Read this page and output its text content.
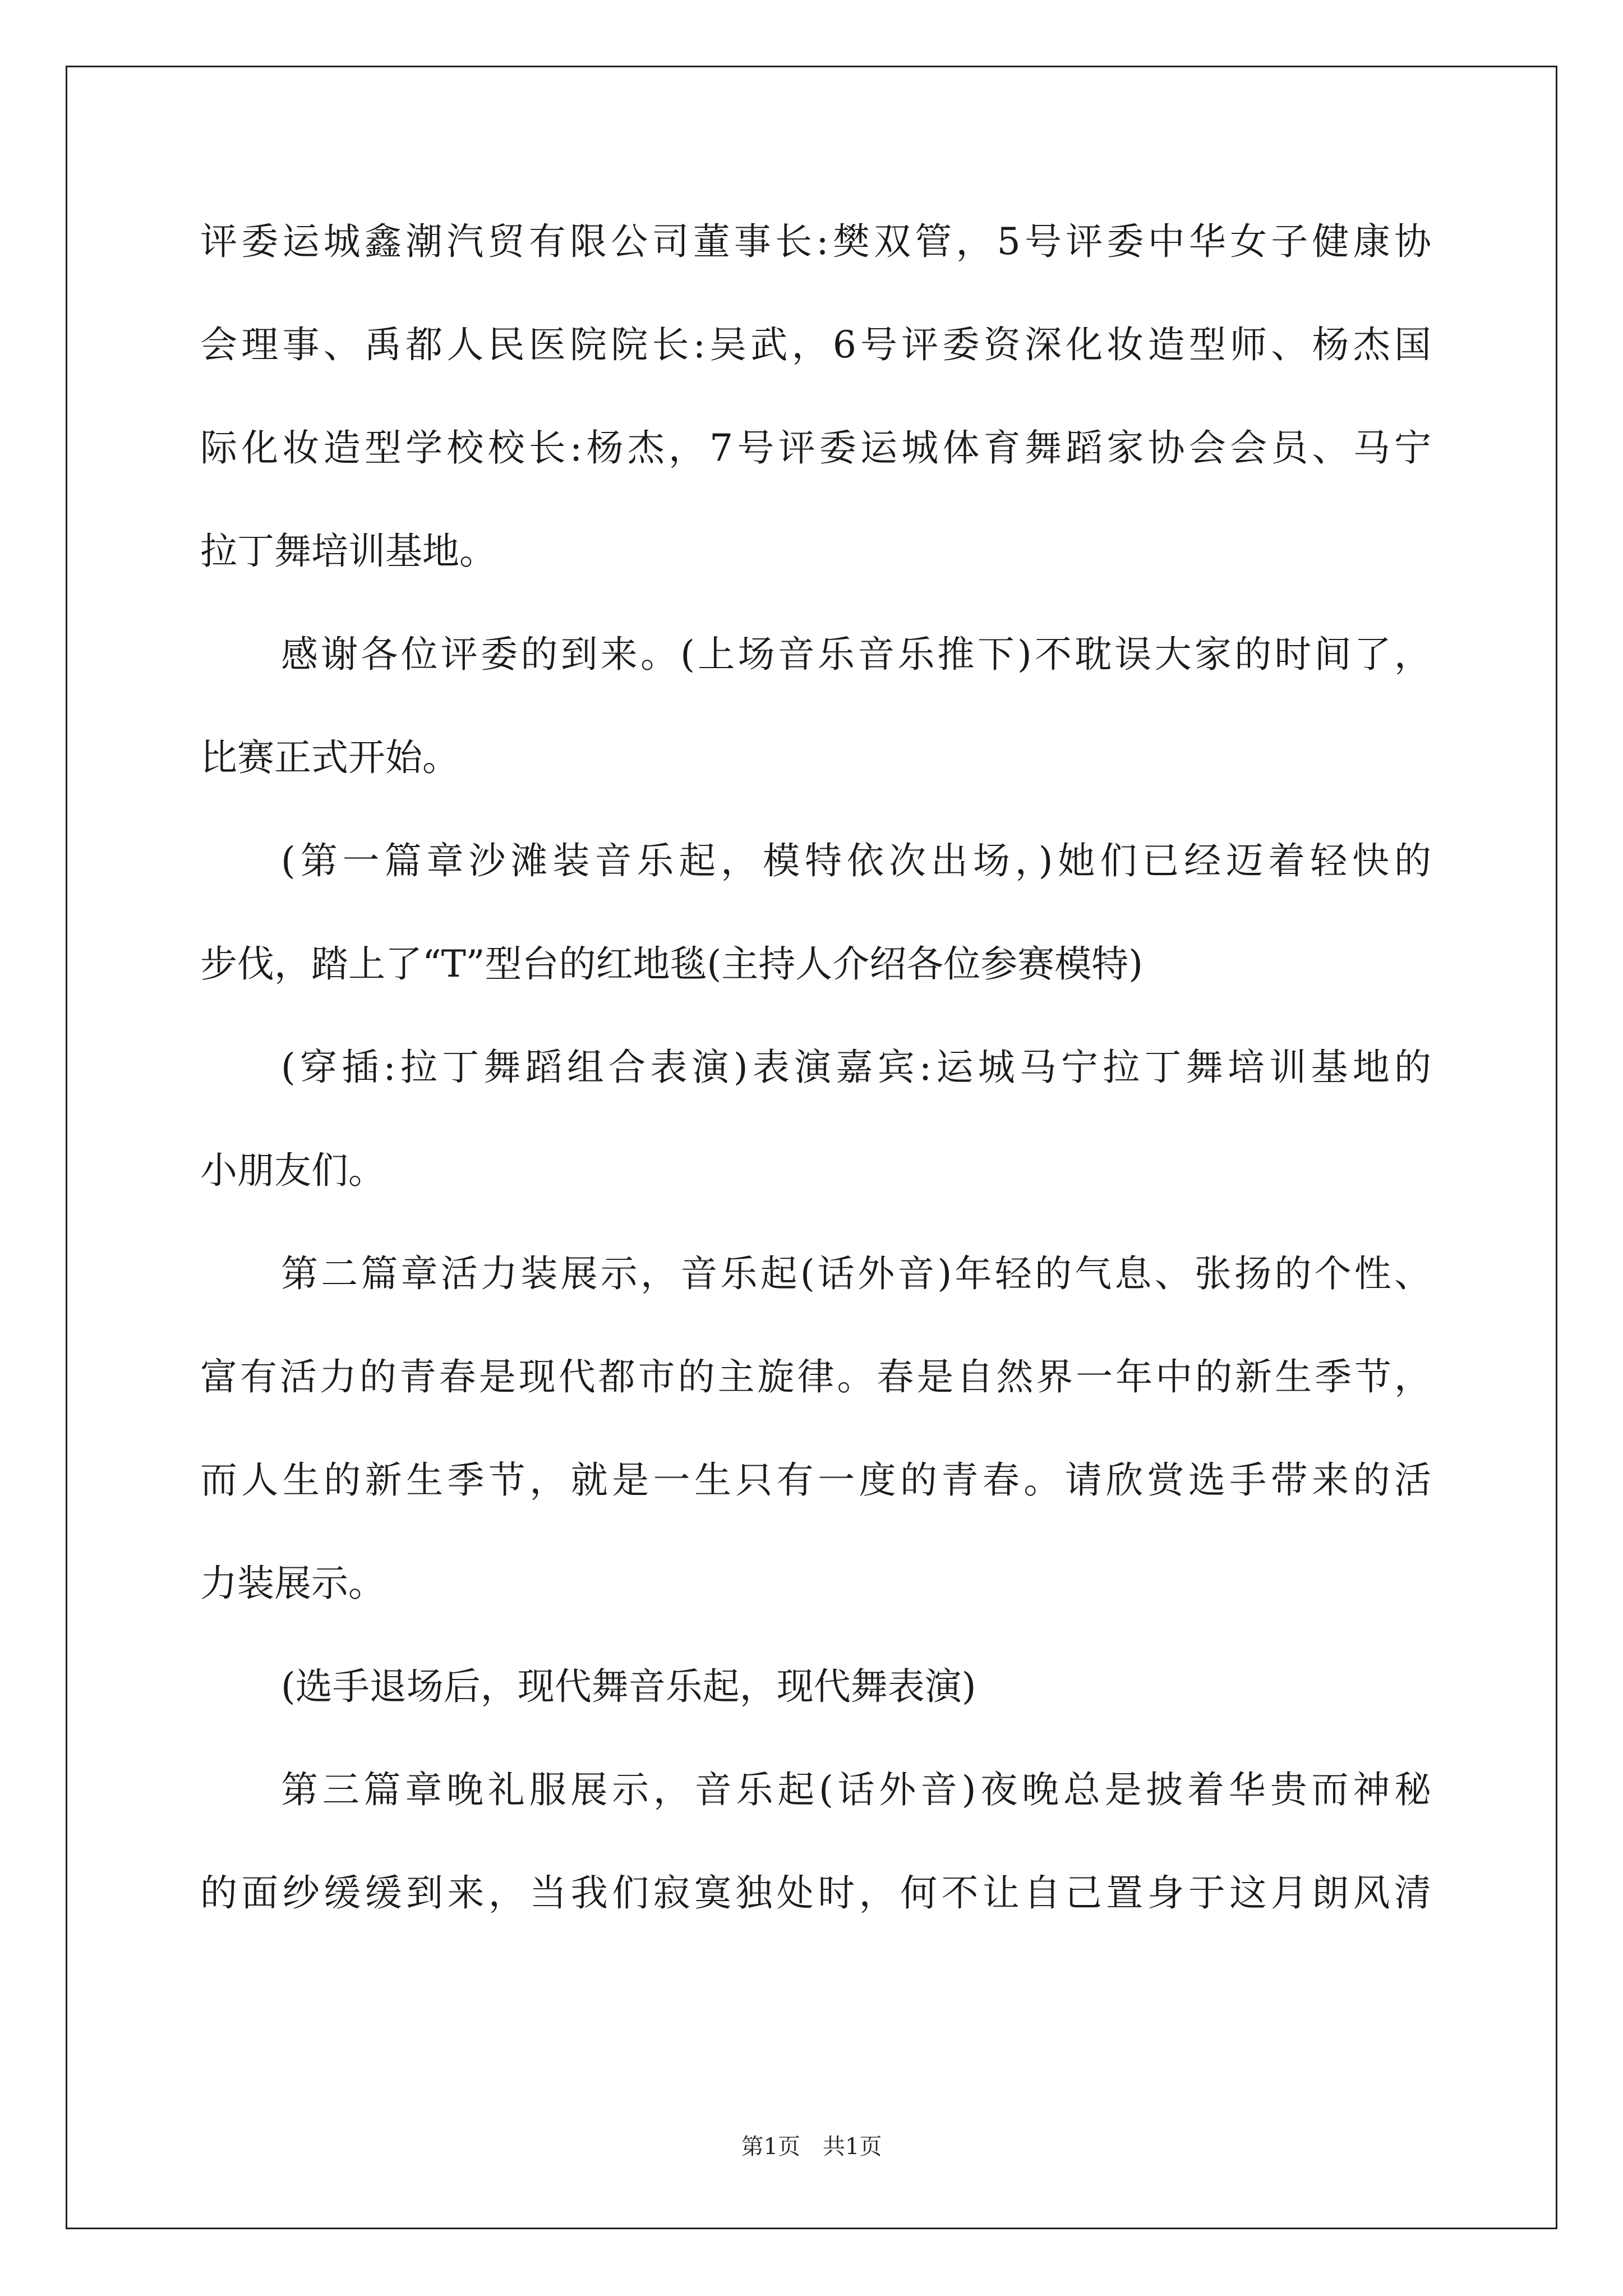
评委运城鑫潮汽贸有限公司董事长:樊双管，5号评委中华女子健康协
会理事、禹都人民医院院长:吴武，6号评委资深化妆造型师、杨杰国
际化妆造型学校校长:杨杰，7号评委运城体育舞蹈家协会会员、马宁
拉丁舞培训基地。
感谢各位评委的到来。(上场音乐音乐推下)不耽误大家的时间了，
比赛正式开始。
(第一篇章沙滩装音乐起，模特依次出场，)她们已经迈着轻快的
步伐，踏上了“T”型台的红地毯(主持人介绍各位参赛模特)
(穿插:拉丁舞蹈组合表演)表演嘉宾:运城马宁拉丁舞培训基地的
小朋友们。
第二篇章活力装展示，音乐起(话外音)年轻的气息、张扬的个性、
富有活力的青春是现代都市的主旋律。春是自然界一年中的新生季节，
而人生的新生季节，就是一生只有一度的青春。请欣赏选手带来的活
力装展示。
(选手退场后，现代舞音乐起，现代舞表演)
第三篇章晚礼服展示，音乐起(话外音)夜晚总是披着华贵而神秘
的面纱缓缓到来，当我们寂寞独处时，何不让自己置身于这月朗风清
第1页　共1页
